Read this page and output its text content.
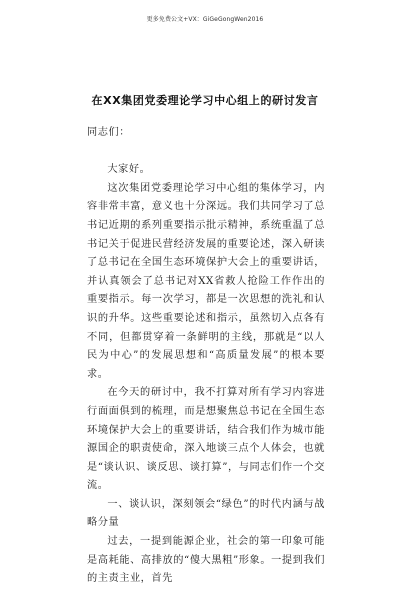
更多免费公文+VX：GiGeGongWen2016
在XX集团党委理论学习中心组上的研讨发言

同志们：

大家好。

这次集团党委理论学习中心组的集体学习，内容非常丰富，意义也十分深远。我们共同学习了总书记近期的系列重要指示批示精神，系统重温了总书记关于促进民营经济发展的重要论述，深入研读了总书记在全国生态环境保护大会上的重要讲话，并认真领会了总书记对XX省救人抢险工作作出的重要指示。每一次学习，都是一次思想的洗礼和认识的升华。这些重要论述和指示，虽然切入点各有不同，但都贯穿着一条鲜明的主线，那就是“以人民为中心”的发展思想和“高质量发展”的根本要求。

在今天的研讨中，我不打算对所有学习内容进行面面俱到的梳理，而是想聚焦总书记在全国生态环境保护大会上的重要讲话，结合我们作为城市能源国企的职责使命，深入地谈三点个人体会，也就是“谈认识、谈反思、谈打算”，与同志们作一个交流。

一、谈认识，深刻领会“绿色”的时代内涵与战略分量

过去，一提到能源企业，社会的第一印象可能是高耗能、高排放的“傻大黑粗”形象。一提到我们的主责主业，首先
